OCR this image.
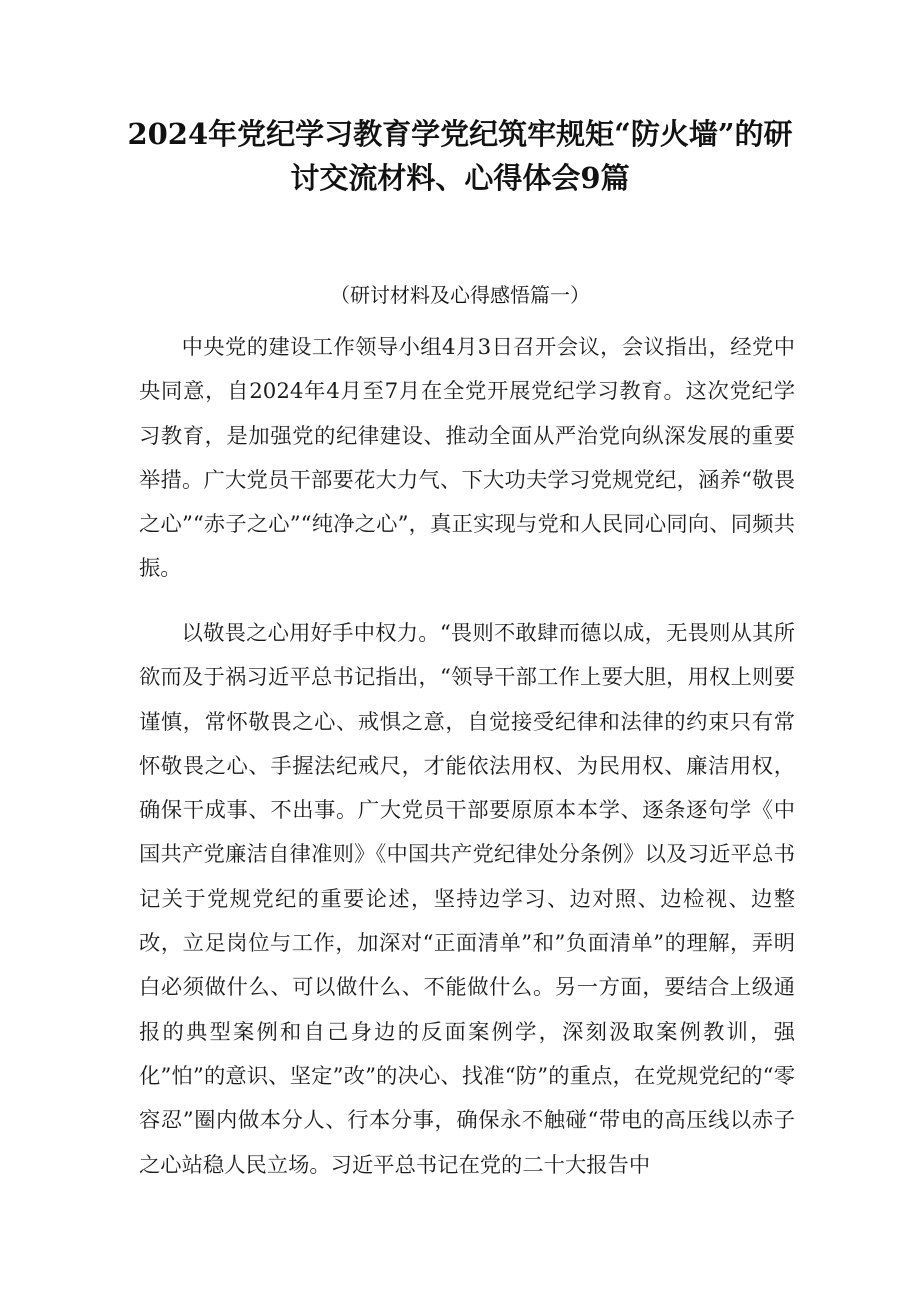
2024年党纪学习教育学党纪筑牢规矩“防火墙”的研讨交流材料、心得体会9篇
（研讨材料及心得感悟篇一）

中央党的建设工作领导小组4月3日召开会议，会议指出，经党中央同意，自2024年4月至7月在全党开展党纪学习教育。这次党纪学习教育，是加强党的纪律建设、推动全面从严治党向纵深发展的重要举措。广大党员干部要花大力气、下大功夫学习党规党纪，涵养“敬畏之心”“赤子之心”“纯净之心”，真正实现与党和人民同心同向、同频共振。

以敬畏之心用好手中权力。“畏则不敢肆而德以成，无畏则从其所欲而及于祸习近平总书记指出，“领导干部工作上要大胆，用权上则要谨慎，常怀敬畏之心、戒惧之意，自觉接受纪律和法律的约束只有常怀敬畏之心、手握法纪戒尺，才能依法用权、为民用权、廉洁用权，确保干成事、不出事。广大党员干部要原原本本学、逐条逐句学《中国共产党廉洁自律准则》《中国共产党纪律处分条例》以及习近平总书记关于党规党纪的重要论述，坚持边学习、边对照、边检视、边整改，立足岗位与工作，加深对“正面清单”和”负面清单”的理解，弄明白必须做什么、可以做什么、不能做什么。另一方面，要结合上级通报的典型案例和自己身边的反面案例学，深刻汲取案例教训，强化”怕”的意识、坚定”改”的决心、找准“防”的重点，在党规党纪的“零容忍”圈内做本分人、行本分事，确保永不触碰“带电的高压线以赤子之心站稳人民立场。习近平总书记在党的二十大报告中
